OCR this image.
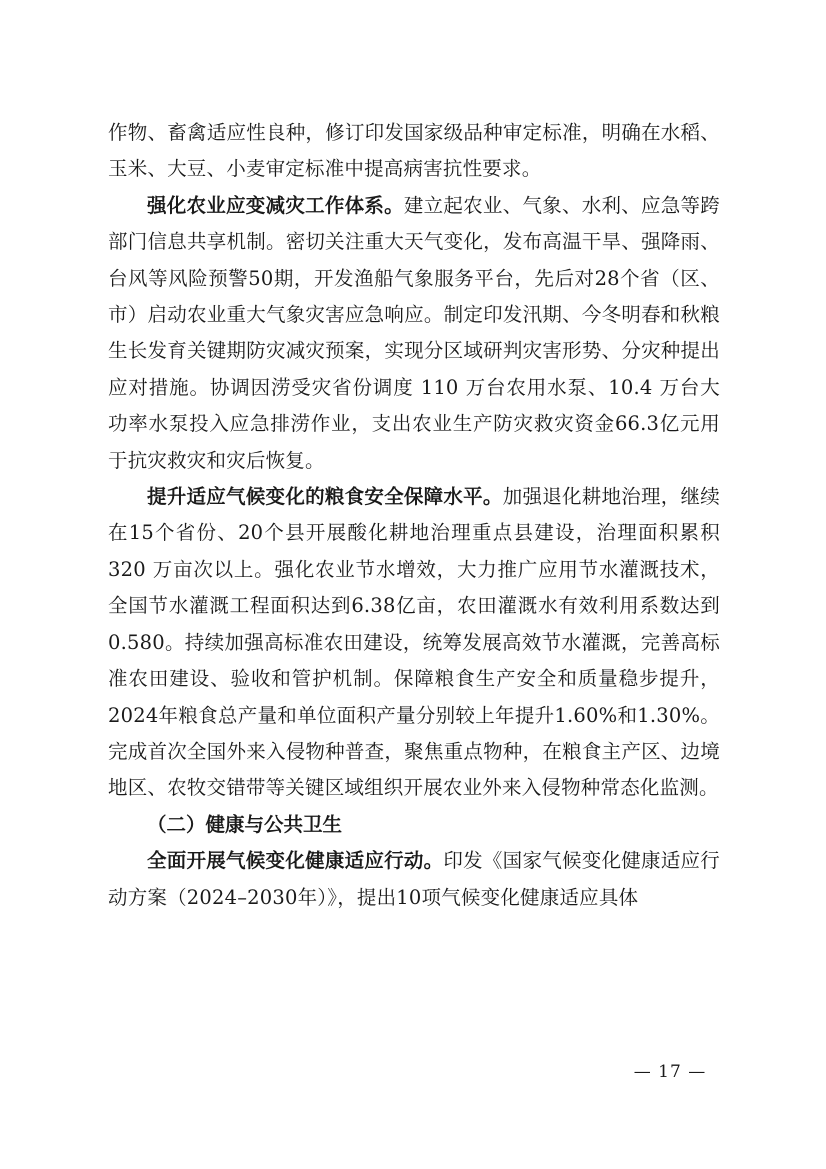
作物、畜禽适应性良种，修订印发国家级品种审定标准，明确在水稻、玉米、大豆、小麦审定标准中提高病害抗性要求。

强化农业应变减灾工作体系。建立起农业、气象、水利、应急等跨部门信息共享机制。密切关注重大天气变化，发布高温干旱、强降雨、台风等风险预警50期，开发渔船气象服务平台，先后对28个省（区、市）启动农业重大气象灾害应急响应。制定印发汛期、今冬明春和秋粮生长发育关键期防灾减灾预案，实现分区域研判灾害形势、分灾种提出应对措施。协调因涝受灾省份调度 110 万台农用水泵、10.4 万台大功率水泵投入应急排涝作业，支出农业生产防灾救灾资金66.3亿元用于抗灾救灾和灾后恢复。

提升适应气候变化的粮食安全保障水平。加强退化耕地治理，继续在15个省份、20个县开展酸化耕地治理重点县建设，治理面积累积 320 万亩次以上。强化农业节水增效，大力推广应用节水灌溉技术，全国节水灌溉工程面积达到6.38亿亩，农田灌溉水有效利用系数达到0.580。持续加强高标准农田建设，统筹发展高效节水灌溉，完善高标准农田建设、验收和管护机制。保障粮食生产安全和质量稳步提升，2024年粮食总产量和单位面积产量分别较上年提升1.60%和1.30%。完成首次全国外来入侵物种普查，聚焦重点物种，在粮食主产区、边境地区、农牧交错带等关键区域组织开展农业外来入侵物种常态化监测。

（二）健康与公共卫生

全面开展气候变化健康适应行动。印发《国家气候变化健康适应行动方案（2024–2030年）》，提出10项气候变化健康适应具体

— 17 —
